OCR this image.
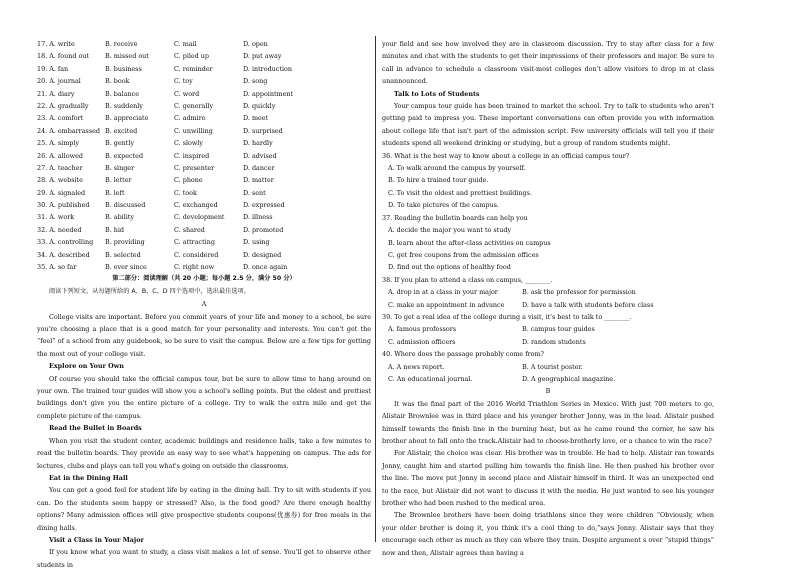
17. A. write	B. receive	C. mail	D. open
18. A. found out	B. missed out	C. piled up	D. put away
19. A. fan	B. business	C. reminder	D. introduction
20. A. journal	B. book	C. toy	D. song
21. A. diary	B. balance	C. word	D. appointment
22. A. gradually	B. suddenly	C. generally	D. quickly
23. A. comfort	B. appreciate	C. admire	D. meet
24. A. embarrassed B. excited	C. unwilling	D. surprised
25. A. simply	B. gently	C. slowly	D. hardly
26. A. allowed	B. expected	C. inspired	D. advised
27. A. teacher	B. singer	C. presenter	D. dancer
28. A. website	B. letter	C. phone	D. matter
29. A. signaled	B. left	C. took	D. sent
30. A. published	B. discussed	C. exchanged	D. expressed
31. A. work	B. ability	C. development	D. illness
32. A. needed	B. hid	C. shared	D. promoted
33. A. controlling	B. providing	C. attracting	D. using
34. A. described	B. selected	C. considered	D. designed
35. A. so far	B. ever since	C. right now	D. once again
第二部分：阅读理解（共 20 小题；每小题 2.5 分，满分 50 分）
阅读下列短文，从每题所给的 A、B、C、D 四个选项中，选出最佳选项。
A

College visits are important. Before you commit years of your life and money to a school, be sure you're choosing a place that is a good match for your personality and interests. You can't get the “feel” of a school from any guidebook, so be sure to visit the campus. Below are a few tips for getting the most out of your college visit.

Explore on Your Own

Of course you should take the official campus tour, but be sure to allow time to hang around on your own. The trained tour guides will show you a school's selling points. But the oldest and prettiest buildings don't give you the entire picture of a college. Try to walk the extra mile and get the complete picture of the campus.

Read the Bullet in Boards

When you visit the student center, academic buildings and residence halls, take a few minutes to read the bulletin boards. They provide an easy way to see what's happening on campus. The ads for lectures, clubs and plays can tell you what's going on outside the classrooms.

Eat in the Dining Hall

You can get a good feel for student life by eating in the dining hall. Try to sit with students if you can. Do the students seem happy or stressed? Also, is the food good? Are there enough healthy options? Many admission offices will give prospective students coupons(优惠券) for free meals in the dining halls.

Visit a Class in Your Major

If you know what you want to study, a class visit makes a lot of sense. You'll get to observe other students in

your field and see how involved they are in classroom discussion. Try to stay after class for a few minutes and chat with the students to get their impressions of their professors and major. Be sure to call in advance to schedule a classroom visit-most colleges don't allow visitors to drop in at class unannounced.

Talk to Lots of Students

Your campus tour guide has been trained to market the school. Try to talk to students who aren't getting paid to impress you. These important conversations can often provide you with information about college life that isn't part of the admission script. Few university officials will tell you if their students spend all weekend drinking or studying, but a group of random students might.

36. What is the best way to know about a college in an official campus tour?

A. To walk around the campus by yourself.

B. To hire a trained tour guide.

C. To visit the oldest and prettiest buildings.

D. To take pictures of the campus.

37. Reading the bulletin boards can help you

A. decide the major you want to study

B. learn about the after-class activities on campus

C. get free coupons from the admission offices

D. find out the options of healthy food

38. If you plan to attend a class on campus, ________.

A. drop in at a class in your major	B. ask the professor for permission
C. make an appointment in advance	D. have a talk with students before class

39. To get a real idea of the college during a visit, it's best to talk to ________.

A. famous professors	B. campus tour guides
C. admission officers	D. random students

40. Where does the passage probably come from?

A. A news report.	B. A tourist poster.
C. An educational journal.	D. A geographical magazine.
B

It was the final part of the 2016 World Triathlon Series in Mexico. With just 700 meters to go, Alistair Brownlee was in third place and his younger brother Jonny, was in the lead. Alistair pushed himself towards the finish line in the burning heat, but as he came round the corner, he saw his brother about to fall onto the track.Alistair had to choose-brotherly love, or a chance to win the race?

For Alistair, the choice was clear. His brother was in trouble. He had to help. Alistair ran towards Jonny, caught him and started pulling him towards the finish line. He then pushed his brother over the line. The move put Jonny in second place and Alistair himself in third. It was an unexpected end to the race, but Alistair did not want to discuss it with the media. He just wanted to see his younger brother who had been rushed to the medical area.

The Brownlee brothers have been doing triathlons since they were children “Obviously, when your older brother is doing it, you think it's a cool thing to do,”says Jonny. Alistair says that they encourage each other as much as they can where they train. Despite argument s over “stupid things” now and then, Alistair agrees than having a
